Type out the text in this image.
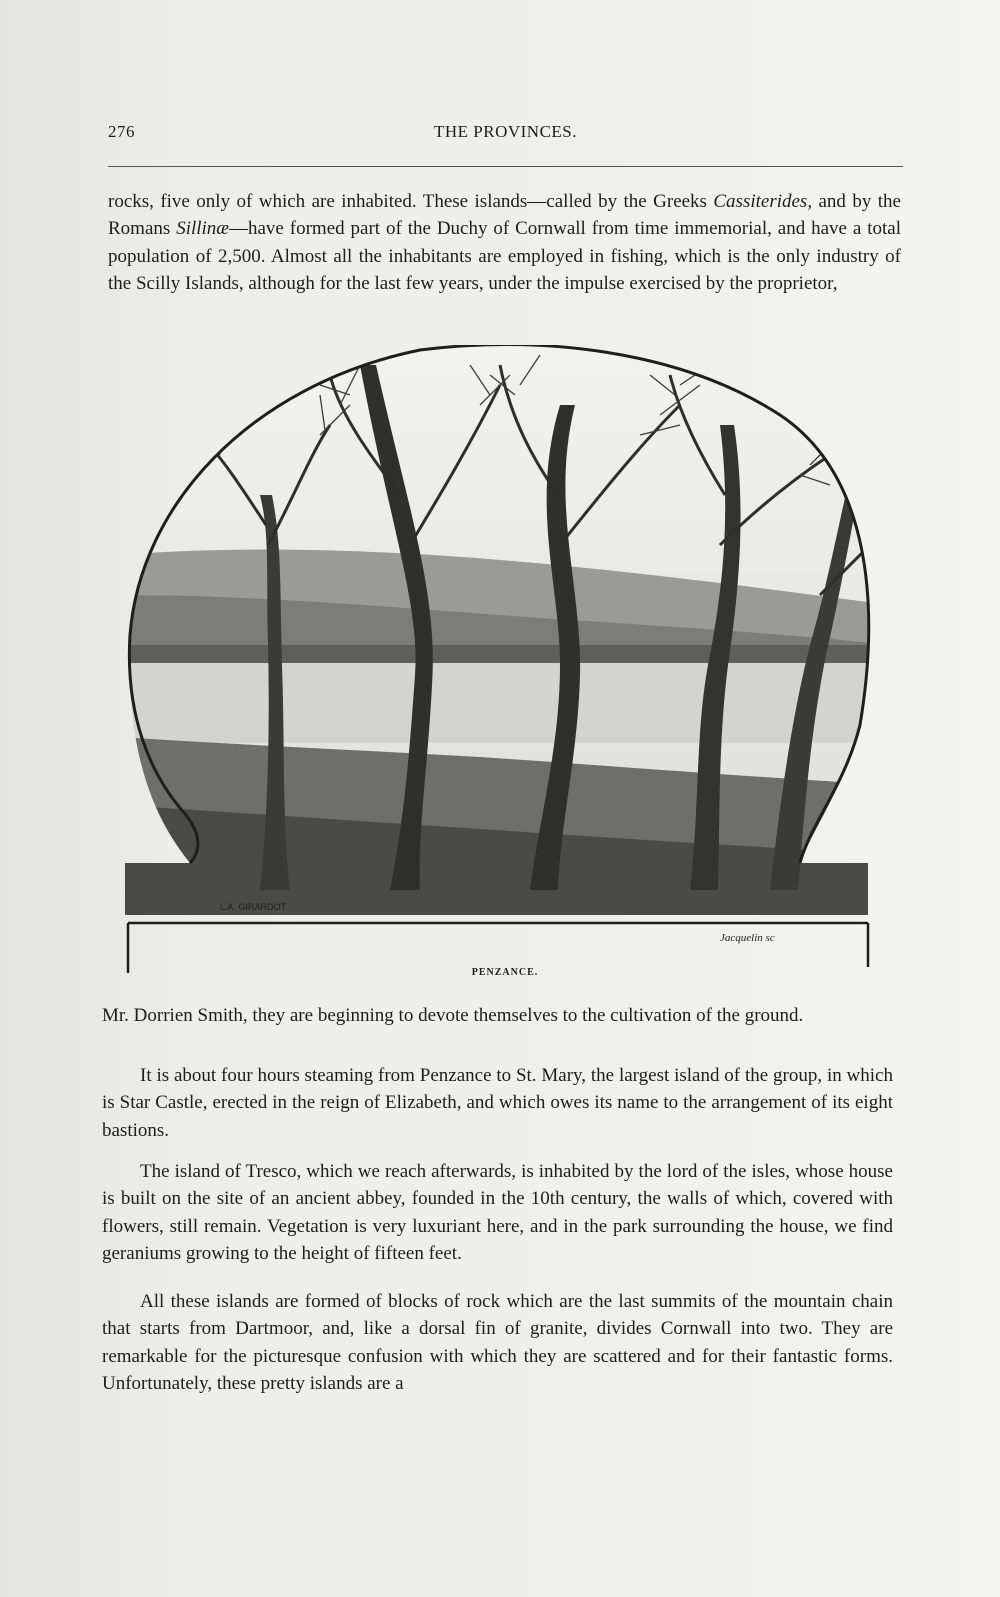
276	THE PROVINCES.

rocks, five only of which are inhabited. These islands—called by the Greeks Cassiterides, and by the Romans Sillinæ—have formed part of the Duchy of Cornwall from time immemorial, and have a total population of 2,500. Almost all the inhabitants are employed in fishing, which is the only industry of the Scilly Islands, although for the last few years, under the impulse exercised by the proprietor,

L.A. GIRARDOT
Jacquelin sc
PENZANCE.

Mr. Dorrien Smith, they are beginning to devote themselves to the cultivation of the ground.

It is about four hours steaming from Penzance to St. Mary, the largest island of the group, in which is Star Castle, erected in the reign of Elizabeth, and which owes its name to the arrangement of its eight bastions.

The island of Tresco, which we reach afterwards, is inhabited by the lord of the isles, whose house is built on the site of an ancient abbey, founded in the 10th century, the walls of which, covered with flowers, still remain. Vegetation is very luxuriant here, and in the park surrounding the house, we find geraniums growing to the height of fifteen feet.

All these islands are formed of blocks of rock which are the last summits of the mountain chain that starts from Dartmoor, and, like a dorsal fin of granite, divides Cornwall into two. They are remarkable for the picturesque confusion with which they are scattered and for their fantastic forms. Unfortunately, these pretty islands are a
